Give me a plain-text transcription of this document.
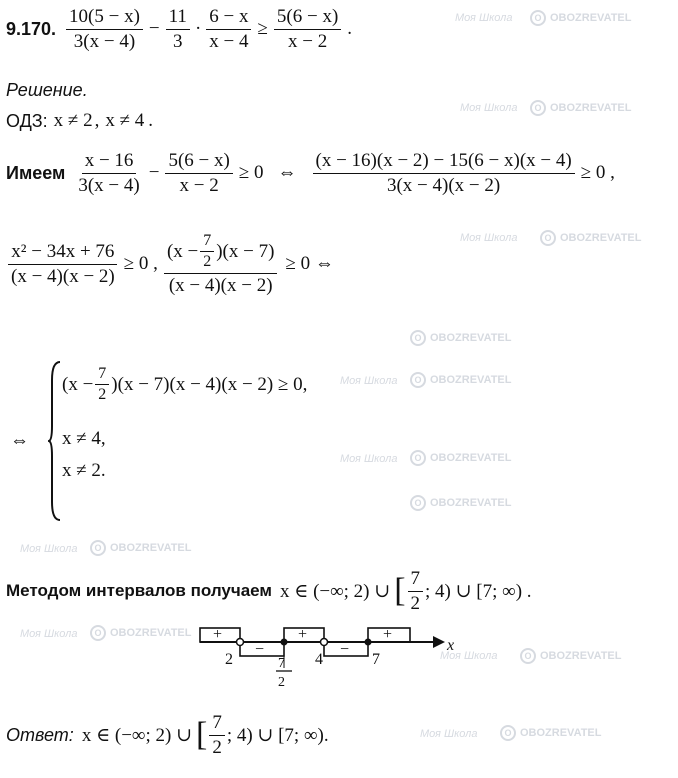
O OBOZREVATEL
O OBOZREVATEL
O OBOZREVATEL
O OBOZREVATEL
O OBOZREVATEL
O OBOZREVATEL
O OBOZREVATEL
O OBOZREVATEL
O OBOZREVATEL
O OBOZREVATEL
O OBOZREVATEL
Моя Школа
Моя Школа
Моя Школа
Моя Школа
Моя Школа
Моя Школа
Моя Школа
Моя Школа
Моя Школа
9.170. $\frac{10(5 - x)}{3(x - 4)} - \frac{11}{3} \cdot \frac{6 - x}{x - 4} \ge \frac{5(6 - x)}{x - 2}$ .
Решение.
ОДЗ: x ≠ 2 , x ≠ 4 .
Имеем $\frac{x - 16}{3(x - 4)} - \frac{5(6 - x)}{x - 2} \ge 0$ ⇔ $\frac{(x - 16)(x - 2) - 15(6 - x)(x - 4)}{3(x - 4)(x - 2)} \ge 0$ ,
$\frac{\text{x² − 34x + 76}}{(x - 4)(x - 2)} \ge 0$ , $\frac{(x - \frac{7}{2} )(x - 7)}{(x - 4)(x - 2)} \ge 0$ ⇔
⇔
$(x - \frac{7}{2} )(x - 7)(x - 4)(x - 2) \ge 0$,
x ≠ 4,
x ≠ 2.
Методом интервалов получаем x ∈ (−∞; 2) ∪ [ $\frac{7}{2}$ ; 4) ∪ [7; ∞) .
+
−
+
−
+
2	4	7
7
2
x
Ответ: x ∈ (−∞; 2) ∪ [ $\frac{7}{2}$ ; 4) ∪ [7; ∞).
